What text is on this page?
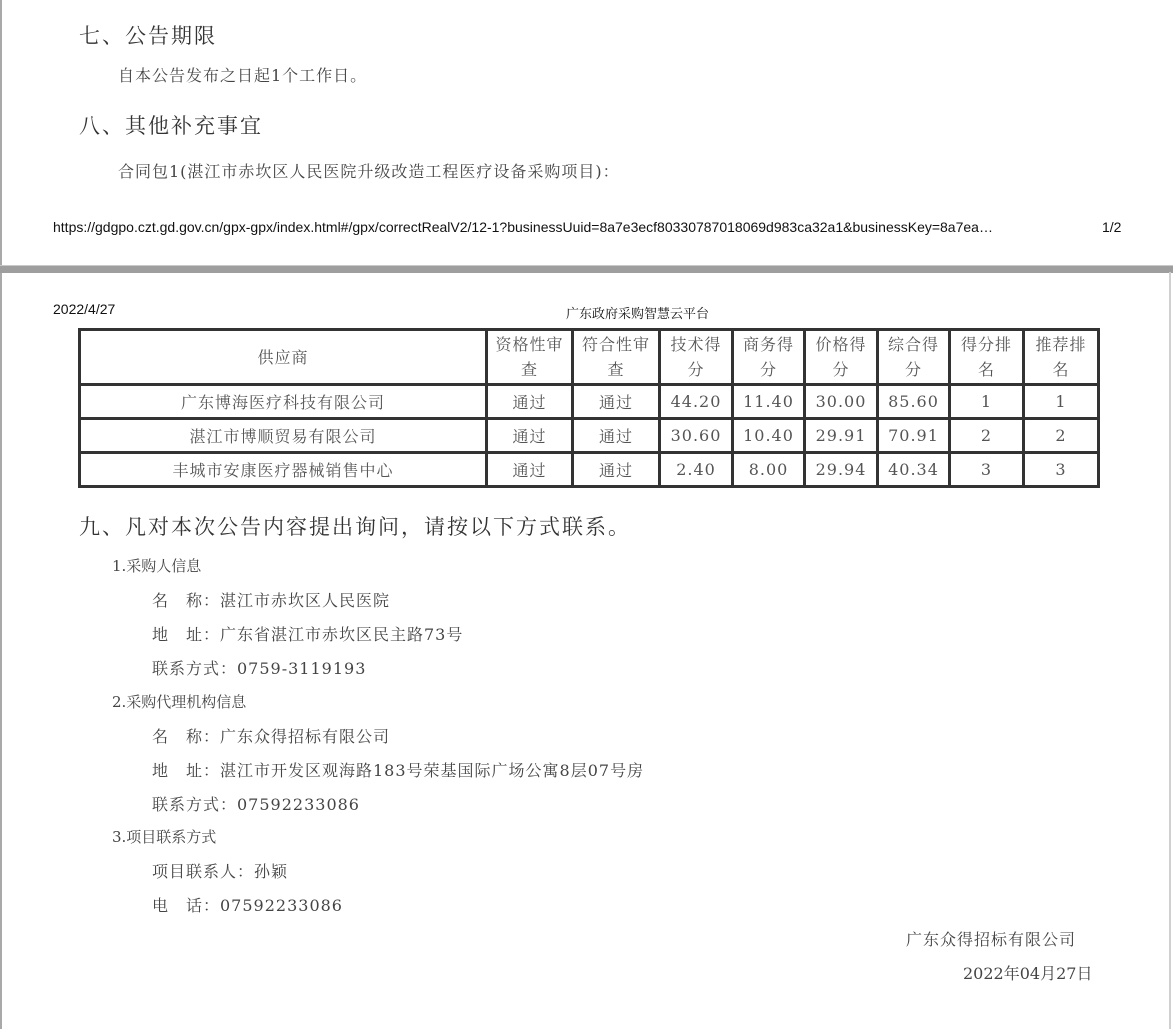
七、公告期限
自本公告发布之日起1个工作日。
八、其他补充事宜
合同包1(湛江市赤坎区人民医院升级改造工程医疗设备采购项目)：
https://gdgpo.czt.gd.gov.cn/gpx-gpx/index.html#/gpx/correctRealV2/12-1?businessUuid=8a7e3ecf80330787018069d983ca32a1&businessKey=8a7ea…	1/2
2022/4/27	广东政府采购智慧云平台
供应商	资格性审查	符合性审查	技术得分	商务得分	价格得分	综合得分	得分排名	推荐排名
广东博海医疗科技有限公司	通过	通过	44.20	11.40	30.00	85.60	1	1
湛江市博顺贸易有限公司	通过	通过	30.60	10.40	29.91	70.91	2	2
丰城市安康医疗器械销售中心	通过	通过	2.40	8.00	29.94	40.34	3	3
九、凡对本次公告内容提出询问，请按以下方式联系。
1.采购人信息
名　称：湛江市赤坎区人民医院
地　址：广东省湛江市赤坎区民主路73号
联系方式：0759-3119193
2.采购代理机构信息
名　称：广东众得招标有限公司
地　址：湛江市开发区观海路183号荣基国际广场公寓8层07号房
联系方式：07592233086
3.项目联系方式
项目联系人：孙颖
电　话：07592233086
广东众得招标有限公司
2022年04月27日
